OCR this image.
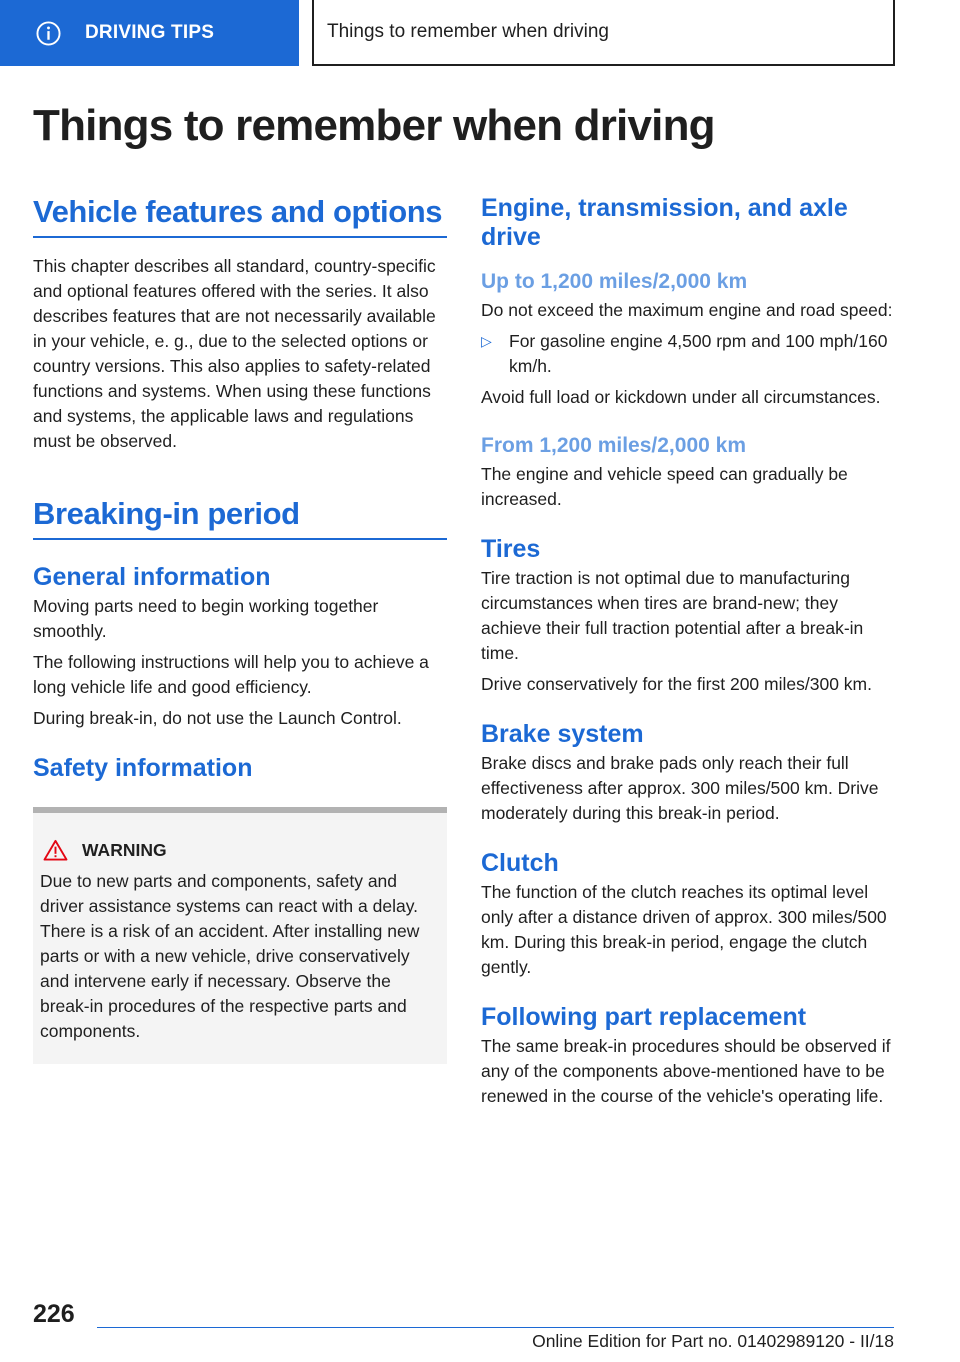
DRIVING TIPS	Things to remember when driving
Things to remember when driving
Vehicle features and options

This chapter describes all standard, country-specific and optional features offered with the series. It also describes features that are not necessarily available in your vehicle, e. g., due to the selected options or country versions. This also applies to safety-related functions and systems. When using these functions and systems, the applicable laws and regulations must be observed.

Breaking-in period
General information

Moving parts need to begin working together smoothly.

The following instructions will help you to achieve a long vehicle life and good efficiency.

During break-in, do not use the Launch Control.

Safety information
WARNING

Due to new parts and components, safety and driver assistance systems can react with a delay. There is a risk of an accident. After installing new parts or with a new vehicle, drive conservatively and intervene early if necessary. Observe the break-in procedures of the respective parts and components.

Engine, transmission, and axle drive
Up to 1,200 miles/2,000 km

Do not exceed the maximum engine and road speed:

▷ For gasoline engine 4,500 rpm and 100 mph/160 km/h.

Avoid full load or kickdown under all circumstances.

From 1,200 miles/2,000 km

The engine and vehicle speed can gradually be increased.

Tires

Tire traction is not optimal due to manufacturing circumstances when tires are brand-new; they achieve their full traction potential after a break-in time.

Drive conservatively for the first 200 miles/300 km.

Brake system

Brake discs and brake pads only reach their full effectiveness after approx. 300 miles/500 km. Drive moderately during this break-in period.

Clutch

The function of the clutch reaches its optimal level only after a distance driven of approx. 300 miles/500 km. During this break-in period, engage the clutch gently.

Following part replacement

The same break-in procedures should be observed if any of the components above-mentioned have to be renewed in the course of the vehicle's operating life.

226
Online Edition for Part no. 01402989120 - II/18
